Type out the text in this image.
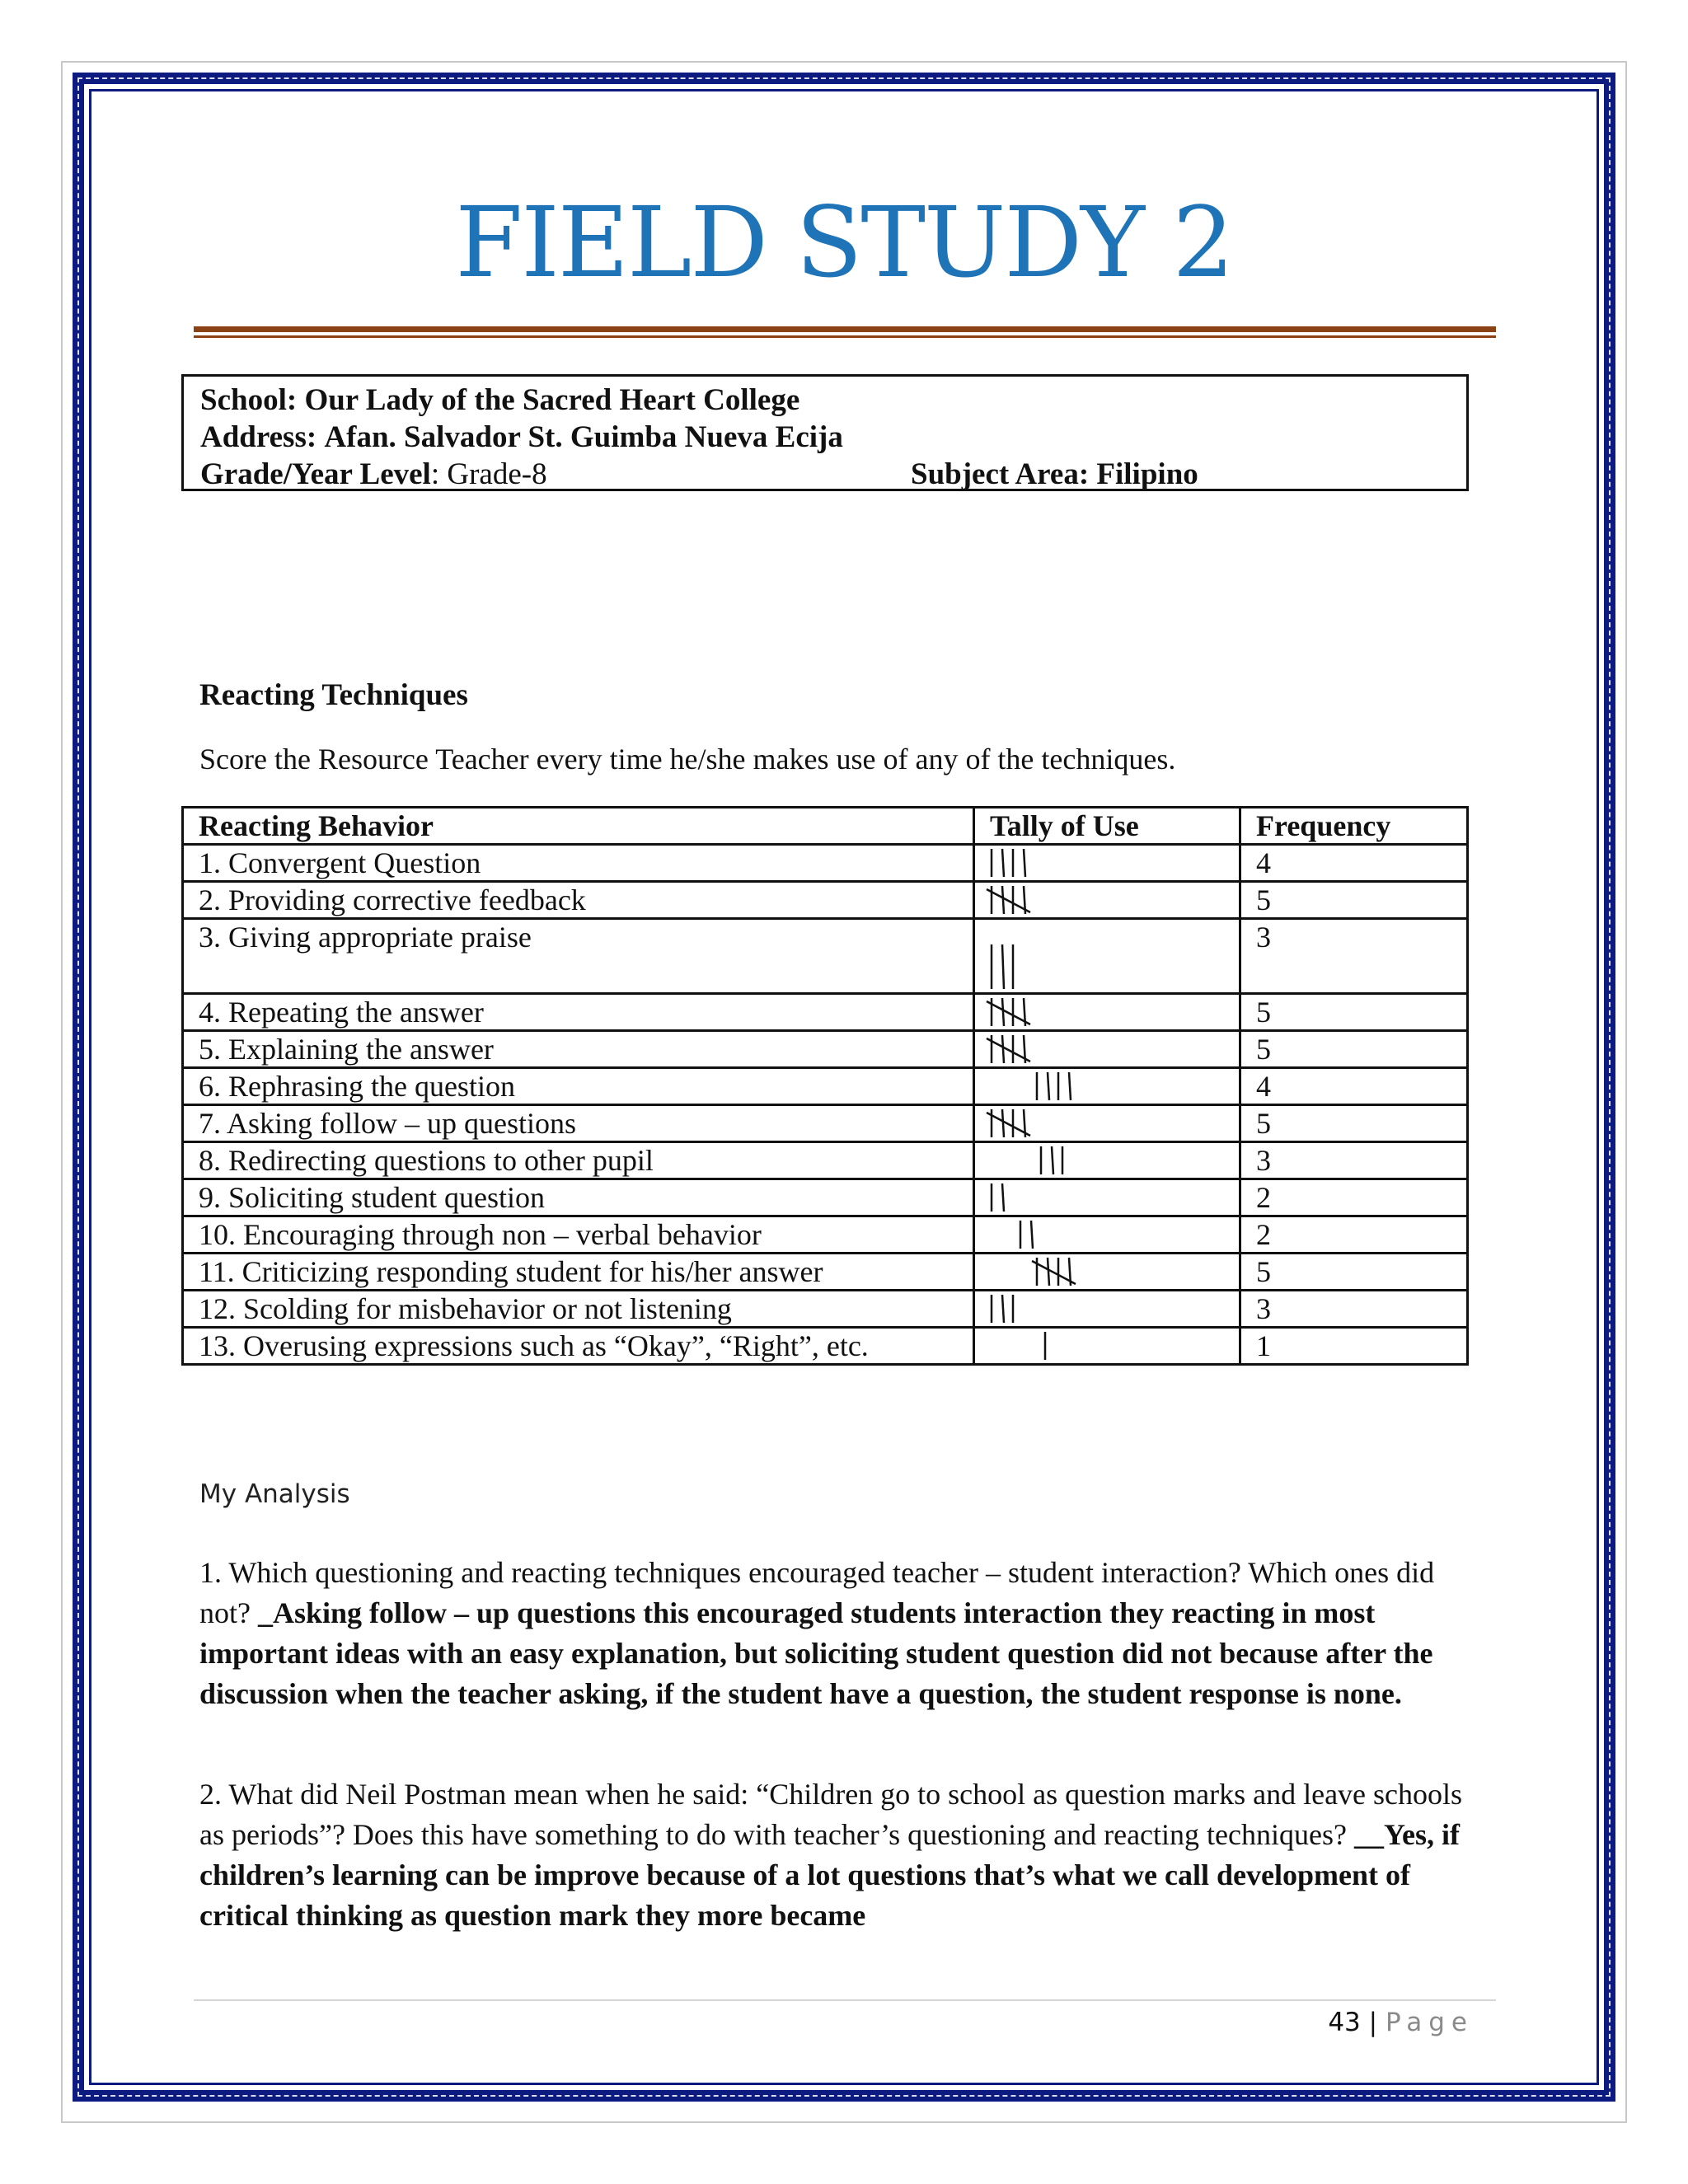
FIELD STUDY 2
School: Our Lady of the Sacred Heart College
Address: Afan. Salvador St. Guimba Nueva Ecija
Grade/Year Level: Grade-8	Subject Area: Filipino
Reacting Techniques
Score the Resource Teacher every time he/she makes use of any of the techniques.
Reacting Behavior	Tally of Use	Frequency
1. Convergent Question		4
2. Providing corrective feedback		5
3. Giving appropriate praise		3
4. Repeating the answer		5
5. Explaining the answer		5
6. Rephrasing the question		4
7. Asking follow – up questions		5
8. Redirecting questions to other pupil		3
9. Soliciting student question		2
10. Encouraging through non – verbal behavior		2
11. Criticizing responding student for his/her answer		5
12. Scolding for misbehavior or not listening		3
13. Overusing expressions such as “Okay”, “Right”, etc.		1
My Analysis
1. Which questioning and reacting techniques encouraged teacher – student interaction? Which ones did not? _Asking follow – up questions this encouraged students interaction they reacting in most important ideas with an easy explanation, but soliciting student question did not because after the discussion when the teacher asking, if the student have a question, the student response is none.
2. What did Neil Postman mean when he said: “Children go to school as question marks and leave schools as periods”? Does this have something to do with teacher’s questioning and reacting techniques? __Yes, if children’s learning can be improve because of a lot questions that’s what we call development of critical thinking as question mark they more became
43 | Page
